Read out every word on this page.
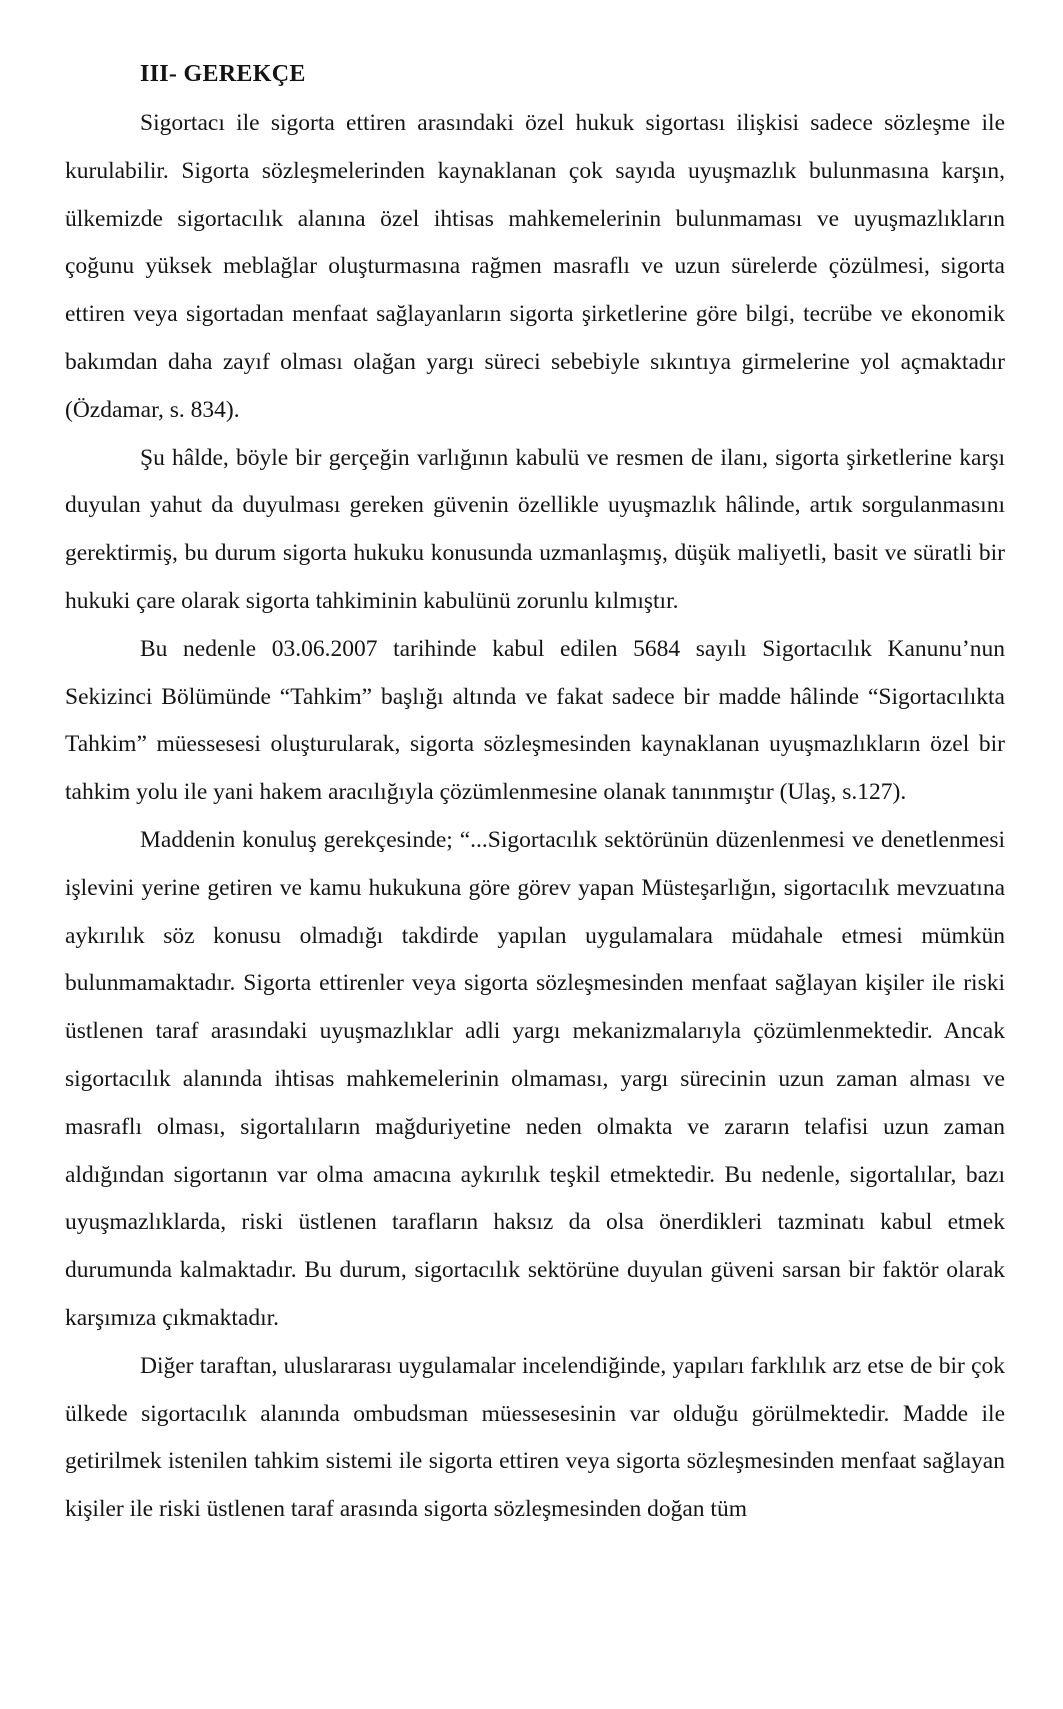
III- GEREKÇE

Sigortacı ile sigorta ettiren arasındaki özel hukuk sigortası ilişkisi sadece sözleşme ile kurulabilir. Sigorta sözleşmelerinden kaynaklanan çok sayıda uyuşmazlık bulunmasına karşın, ülkemizde sigortacılık alanına özel ihtisas mahkemelerinin bulunmaması ve uyuşmazlıkların çoğunu yüksek meblağlar oluşturmasına rağmen masraflı ve uzun sürelerde çözülmesi, sigorta ettiren veya sigortadan menfaat sağlayanların sigorta şirketlerine göre bilgi, tecrübe ve ekonomik bakımdan daha zayıf olması olağan yargı süreci sebebiyle sıkıntıya girmelerine yol açmaktadır (Özdamar, s. 834).

Şu hâlde, böyle bir gerçeğin varlığının kabulü ve resmen de ilanı, sigorta şirketlerine karşı duyulan yahut da duyulması gereken güvenin özellikle uyuşmazlık hâlinde, artık sorgulanmasını gerektirmiş, bu durum sigorta hukuku konusunda uzmanlaşmış, düşük maliyetli, basit ve süratli bir hukuki çare olarak sigorta tahkiminin kabulünü zorunlu kılmıştır.

Bu nedenle 03.06.2007 tarihinde kabul edilen 5684 sayılı Sigortacılık Kanunu’nun Sekizinci Bölümünde “Tahkim” başlığı altında ve fakat sadece bir madde hâlinde “Sigortacılıkta Tahkim” müessesesi oluşturularak, sigorta sözleşmesinden kaynaklanan uyuşmazlıkların özel bir tahkim yolu ile yani hakem aracılığıyla çözümlenmesine olanak tanınmıştır (Ulaş, s.127).

Maddenin konuluş gerekçesinde; “...Sigortacılık sektörünün düzenlenmesi ve denetlenmesi işlevini yerine getiren ve kamu hukukuna göre görev yapan Müsteşarlığın, sigortacılık mevzuatına aykırılık söz konusu olmadığı takdirde yapılan uygulamalara müdahale etmesi mümkün bulunmamaktadır. Sigorta ettirenler veya sigorta sözleşmesinden menfaat sağlayan kişiler ile riski üstlenen taraf arasındaki uyuşmazlıklar adli yargı mekanizmalarıyla çözümlenmektedir. Ancak sigortacılık alanında ihtisas mahkemelerinin olmaması, yargı sürecinin uzun zaman alması ve masraflı olması, sigortalıların mağduriyetine neden olmakta ve zararın telafisi uzun zaman aldığından sigortanın var olma amacına aykırılık teşkil etmektedir. Bu nedenle, sigortalılar, bazı uyuşmazlıklarda, riski üstlenen tarafların haksız da olsa önerdikleri tazminatı kabul etmek durumunda kalmaktadır. Bu durum, sigortacılık sektörüne duyulan güveni sarsan bir faktör olarak karşımıza çıkmaktadır.

Diğer taraftan, uluslararası uygulamalar incelendiğinde, yapıları farklılık arz etse de bir çok ülkede sigortacılık alanında ombudsman müessesesinin var olduğu görülmektedir. Madde ile getirilmek istenilen tahkim sistemi ile sigorta ettiren veya sigorta sözleşmesinden menfaat sağlayan kişiler ile riski üstlenen taraf arasında sigorta sözleşmesinden doğan tüm
